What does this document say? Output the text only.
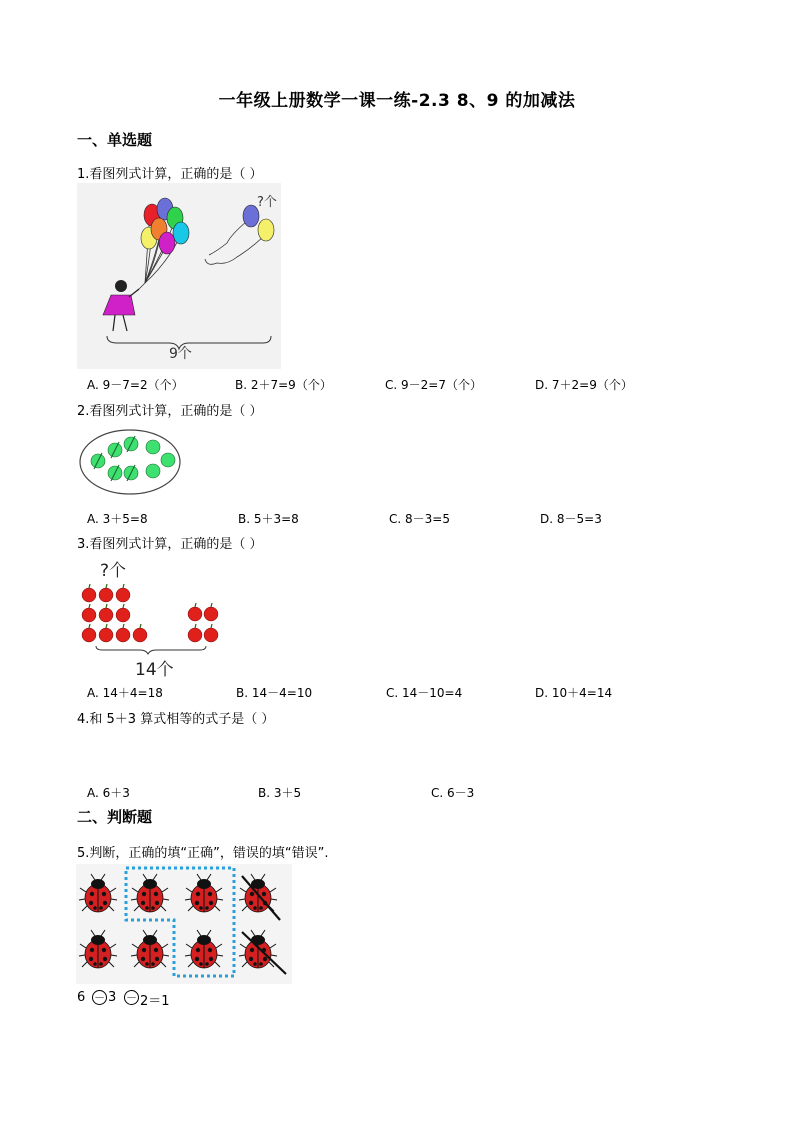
一年级上册数学一课一练-2.3 8、9 的加减法
一、单选题
1.看图列式计算，正确的是（ ）
?个
9个
A. 9－7=2（个）	B. 2＋7=9（个）	C. 9－2=7（个）	D. 7＋2=9（个）
2.看图列式计算，正确的是（ ）
A. 3＋5=8	B. 5＋3=8	C. 8－3=5	D. 8－5=3
3.看图列式计算，正确的是（ ）
?个
14个
A. 14＋4=18	B. 14－4=10	C. 14－10=4	D. 10＋4=14
4.和 5＋3 算式相等的式子是（ ）
A. 6＋3	B. 3＋5	C. 6－3
二、判断题
5.判断，正确的填“正确”，错误的填“错误”.
6 － 3 － 2＝1
